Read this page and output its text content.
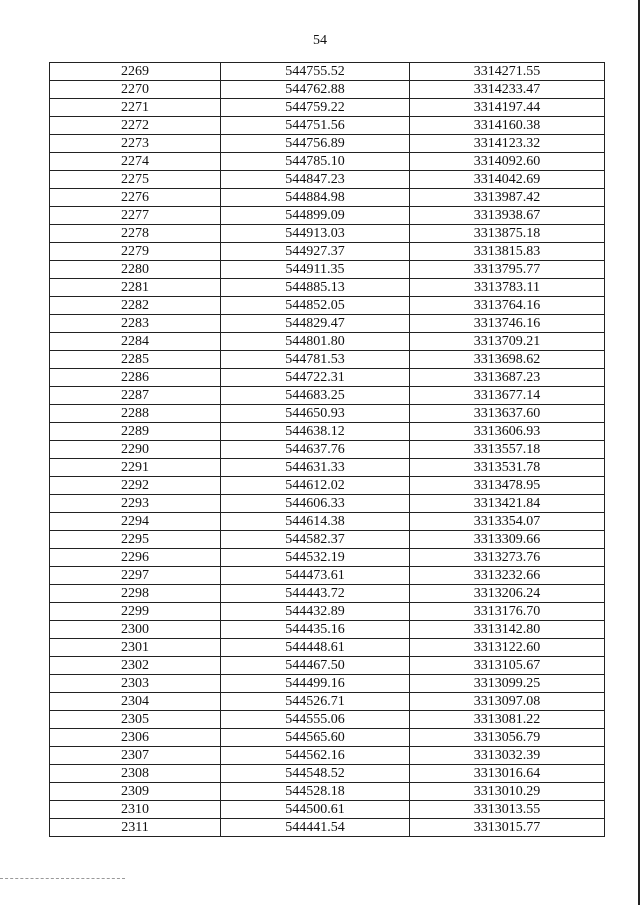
54
2269	544755.52	3314271.55
2270	544762.88	3314233.47
2271	544759.22	3314197.44
2272	544751.56	3314160.38
2273	544756.89	3314123.32
2274	544785.10	3314092.60
2275	544847.23	3314042.69
2276	544884.98	3313987.42
2277	544899.09	3313938.67
2278	544913.03	3313875.18
2279	544927.37	3313815.83
2280	544911.35	3313795.77
2281	544885.13	3313783.11
2282	544852.05	3313764.16
2283	544829.47	3313746.16
2284	544801.80	3313709.21
2285	544781.53	3313698.62
2286	544722.31	3313687.23
2287	544683.25	3313677.14
2288	544650.93	3313637.60
2289	544638.12	3313606.93
2290	544637.76	3313557.18
2291	544631.33	3313531.78
2292	544612.02	3313478.95
2293	544606.33	3313421.84
2294	544614.38	3313354.07
2295	544582.37	3313309.66
2296	544532.19	3313273.76
2297	544473.61	3313232.66
2298	544443.72	3313206.24
2299	544432.89	3313176.70
2300	544435.16	3313142.80
2301	544448.61	3313122.60
2302	544467.50	3313105.67
2303	544499.16	3313099.25
2304	544526.71	3313097.08
2305	544555.06	3313081.22
2306	544565.60	3313056.79
2307	544562.16	3313032.39
2308	544548.52	3313016.64
2309	544528.18	3313010.29
2310	544500.61	3313013.55
2311	544441.54	3313015.77
